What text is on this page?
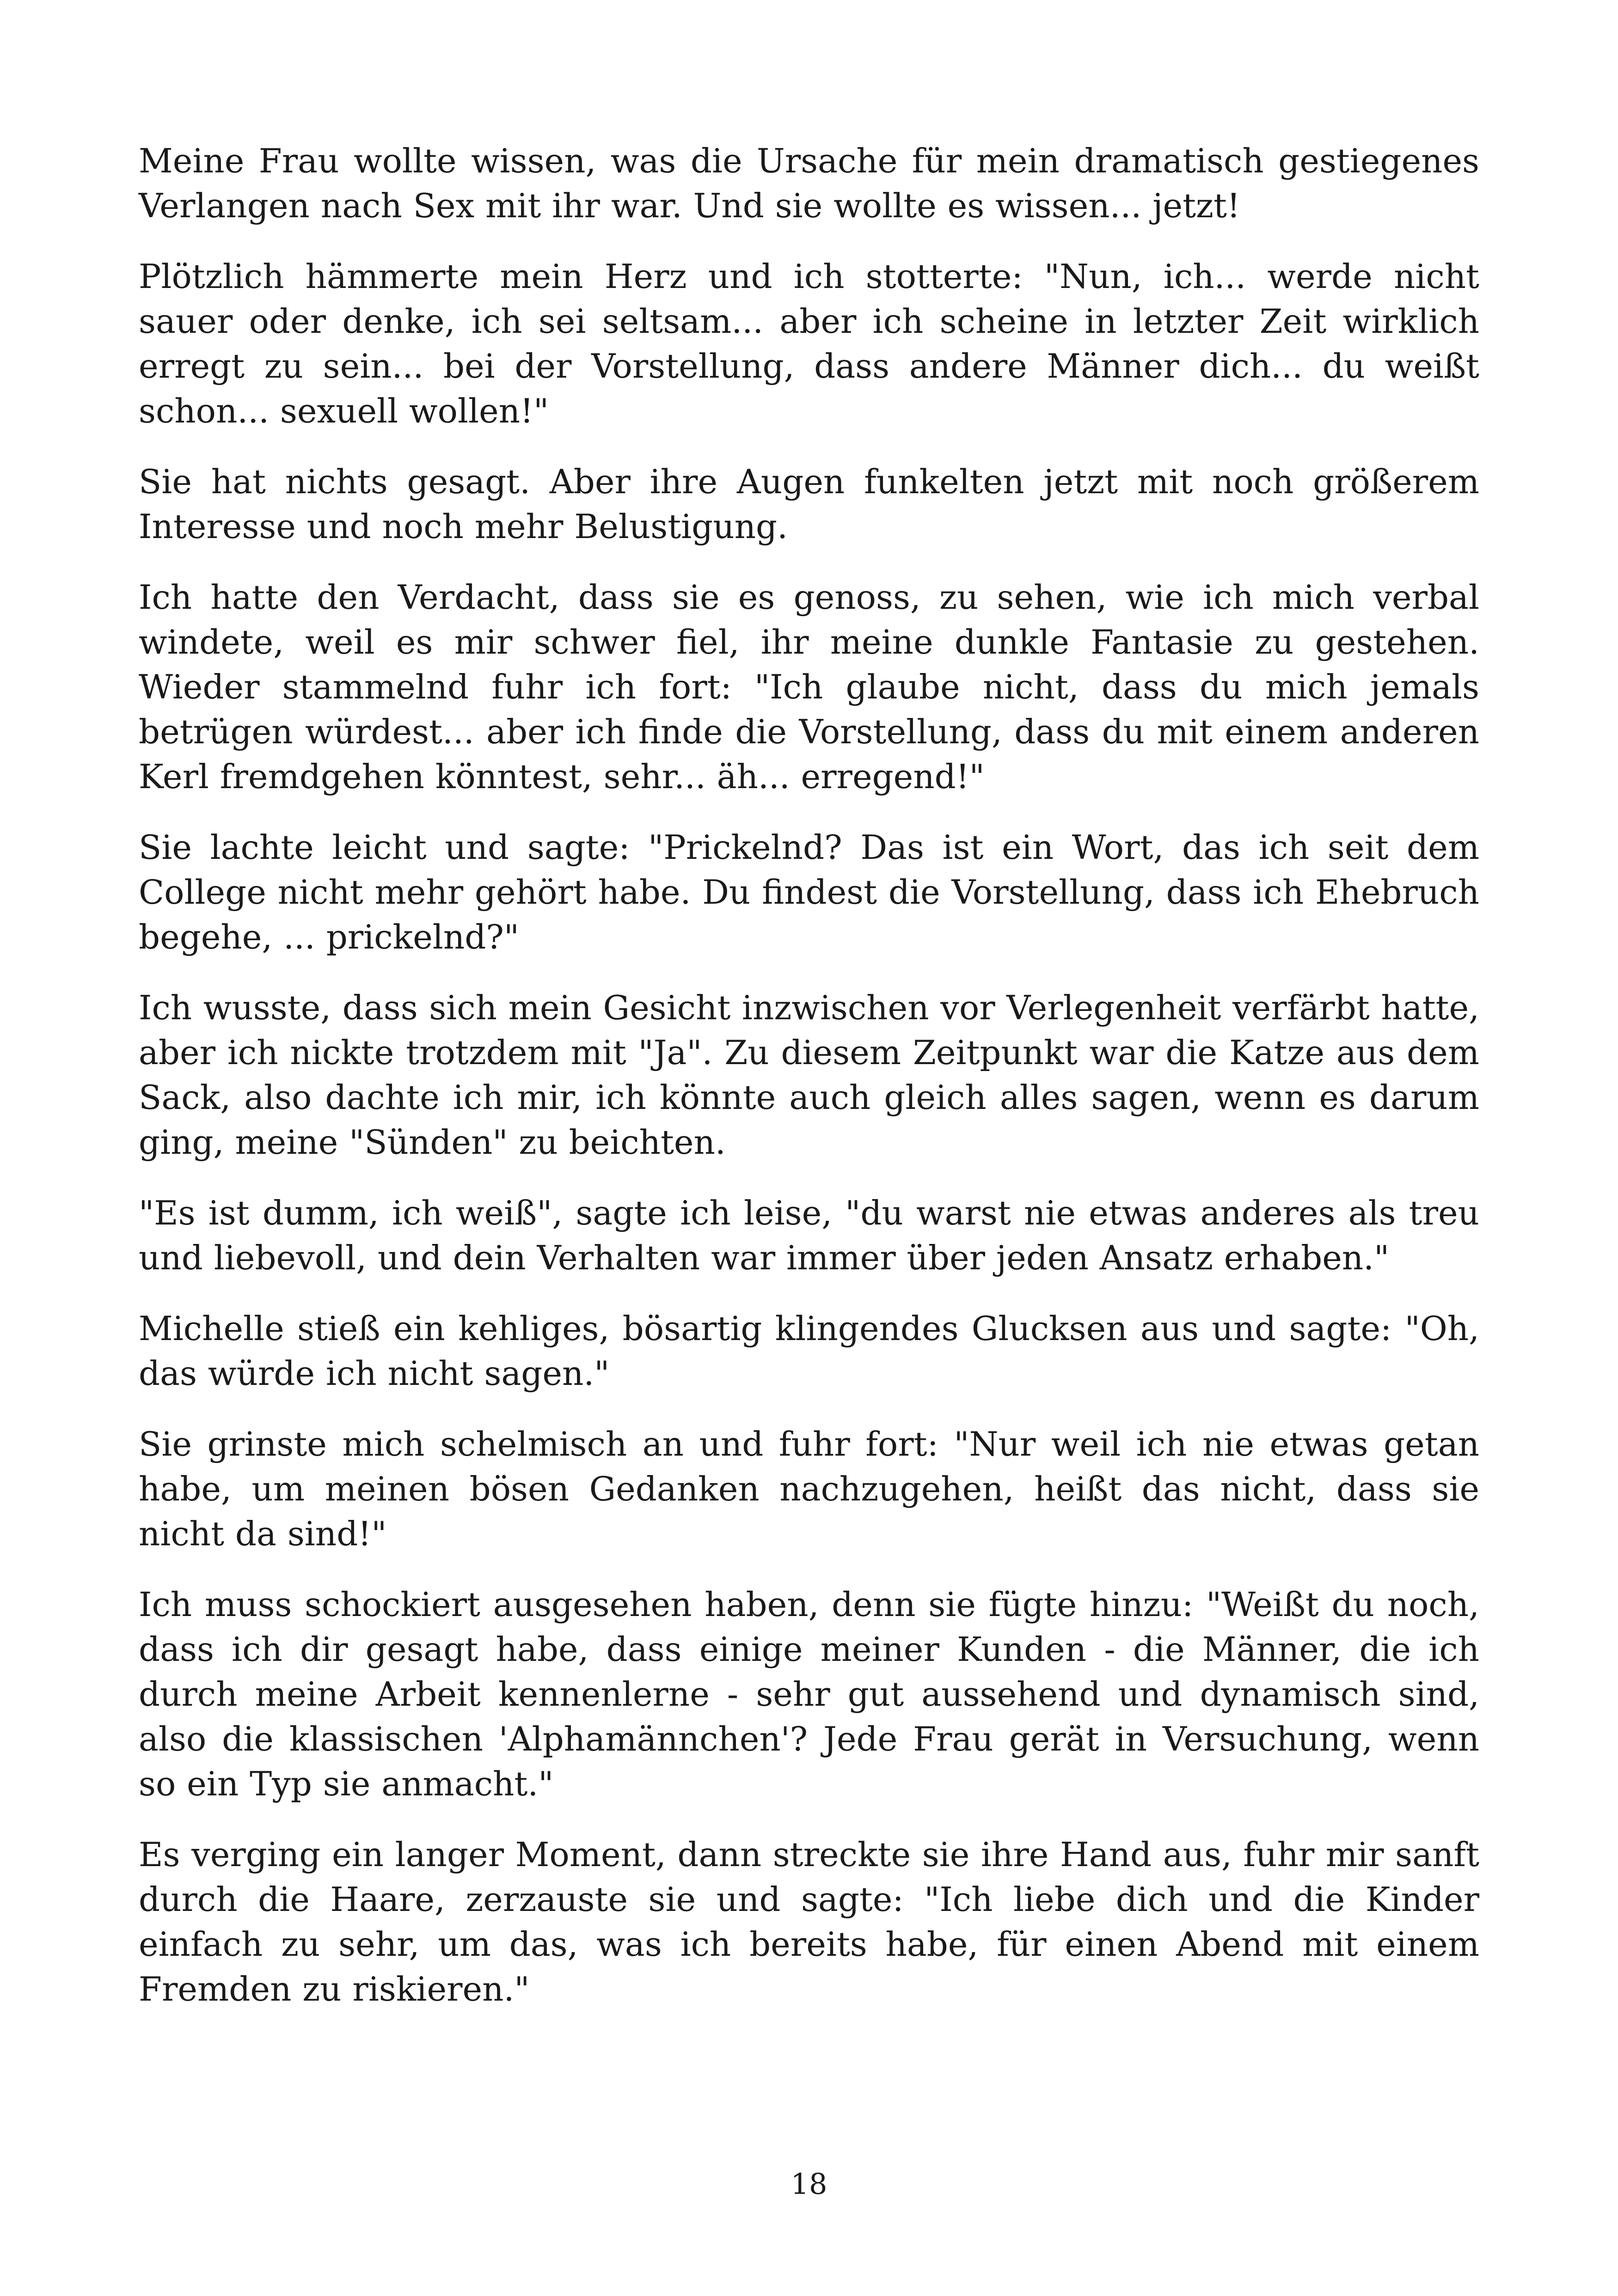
Meine Frau wollte wissen, was die Ursache für mein dramatisch gestiegenes Verlangen nach Sex mit ihr war. Und sie wollte es wissen... jetzt!

Plötzlich hämmerte mein Herz und ich stotterte: "Nun, ich... werde nicht sauer oder denke, ich sei seltsam... aber ich scheine in letzter Zeit wirklich erregt zu sein... bei der Vorstellung, dass andere Männer dich... du weißt schon... sexuell wollen!"

Sie hat nichts gesagt. Aber ihre Augen funkelten jetzt mit noch größerem Interesse und noch mehr Belustigung.

Ich hatte den Verdacht, dass sie es genoss, zu sehen, wie ich mich verbal windete, weil es mir schwer fiel, ihr meine dunkle Fantasie zu gestehen. Wieder stammelnd fuhr ich fort: "Ich glaube nicht, dass du mich jemals betrügen würdest... aber ich finde die Vorstellung, dass du mit einem anderen Kerl fremdgehen könntest, sehr... äh... erregend!"

Sie lachte leicht und sagte: "Prickelnd? Das ist ein Wort, das ich seit dem College nicht mehr gehört habe. Du findest die Vorstellung, dass ich Ehebruch begehe, ... prickelnd?"

Ich wusste, dass sich mein Gesicht inzwischen vor Verlegenheit verfärbt hatte, aber ich nickte trotzdem mit "Ja". Zu diesem Zeitpunkt war die Katze aus dem Sack, also dachte ich mir, ich könnte auch gleich alles sagen, wenn es darum ging, meine "Sünden" zu beichten.

"Es ist dumm, ich weiß", sagte ich leise, "du warst nie etwas anderes als treu und liebevoll, und dein Verhalten war immer über jeden Ansatz erhaben."

Michelle stieß ein kehliges, bösartig klingendes Glucksen aus und sagte: "Oh, das würde ich nicht sagen."

Sie grinste mich schelmisch an und fuhr fort: "Nur weil ich nie etwas getan habe, um meinen bösen Gedanken nachzugehen, heißt das nicht, dass sie nicht da sind!"

Ich muss schockiert ausgesehen haben, denn sie fügte hinzu: "Weißt du noch, dass ich dir gesagt habe, dass einige meiner Kunden - die Männer, die ich durch meine Arbeit kennenlerne - sehr gut aussehend und dynamisch sind, also die klassischen 'Alphamännchen'? Jede Frau gerät in Versuchung, wenn so ein Typ sie anmacht."

Es verging ein langer Moment, dann streckte sie ihre Hand aus, fuhr mir sanft durch die Haare, zerzauste sie und sagte: "Ich liebe dich und die Kinder einfach zu sehr, um das, was ich bereits habe, für einen Abend mit einem Fremden zu riskieren."

18
